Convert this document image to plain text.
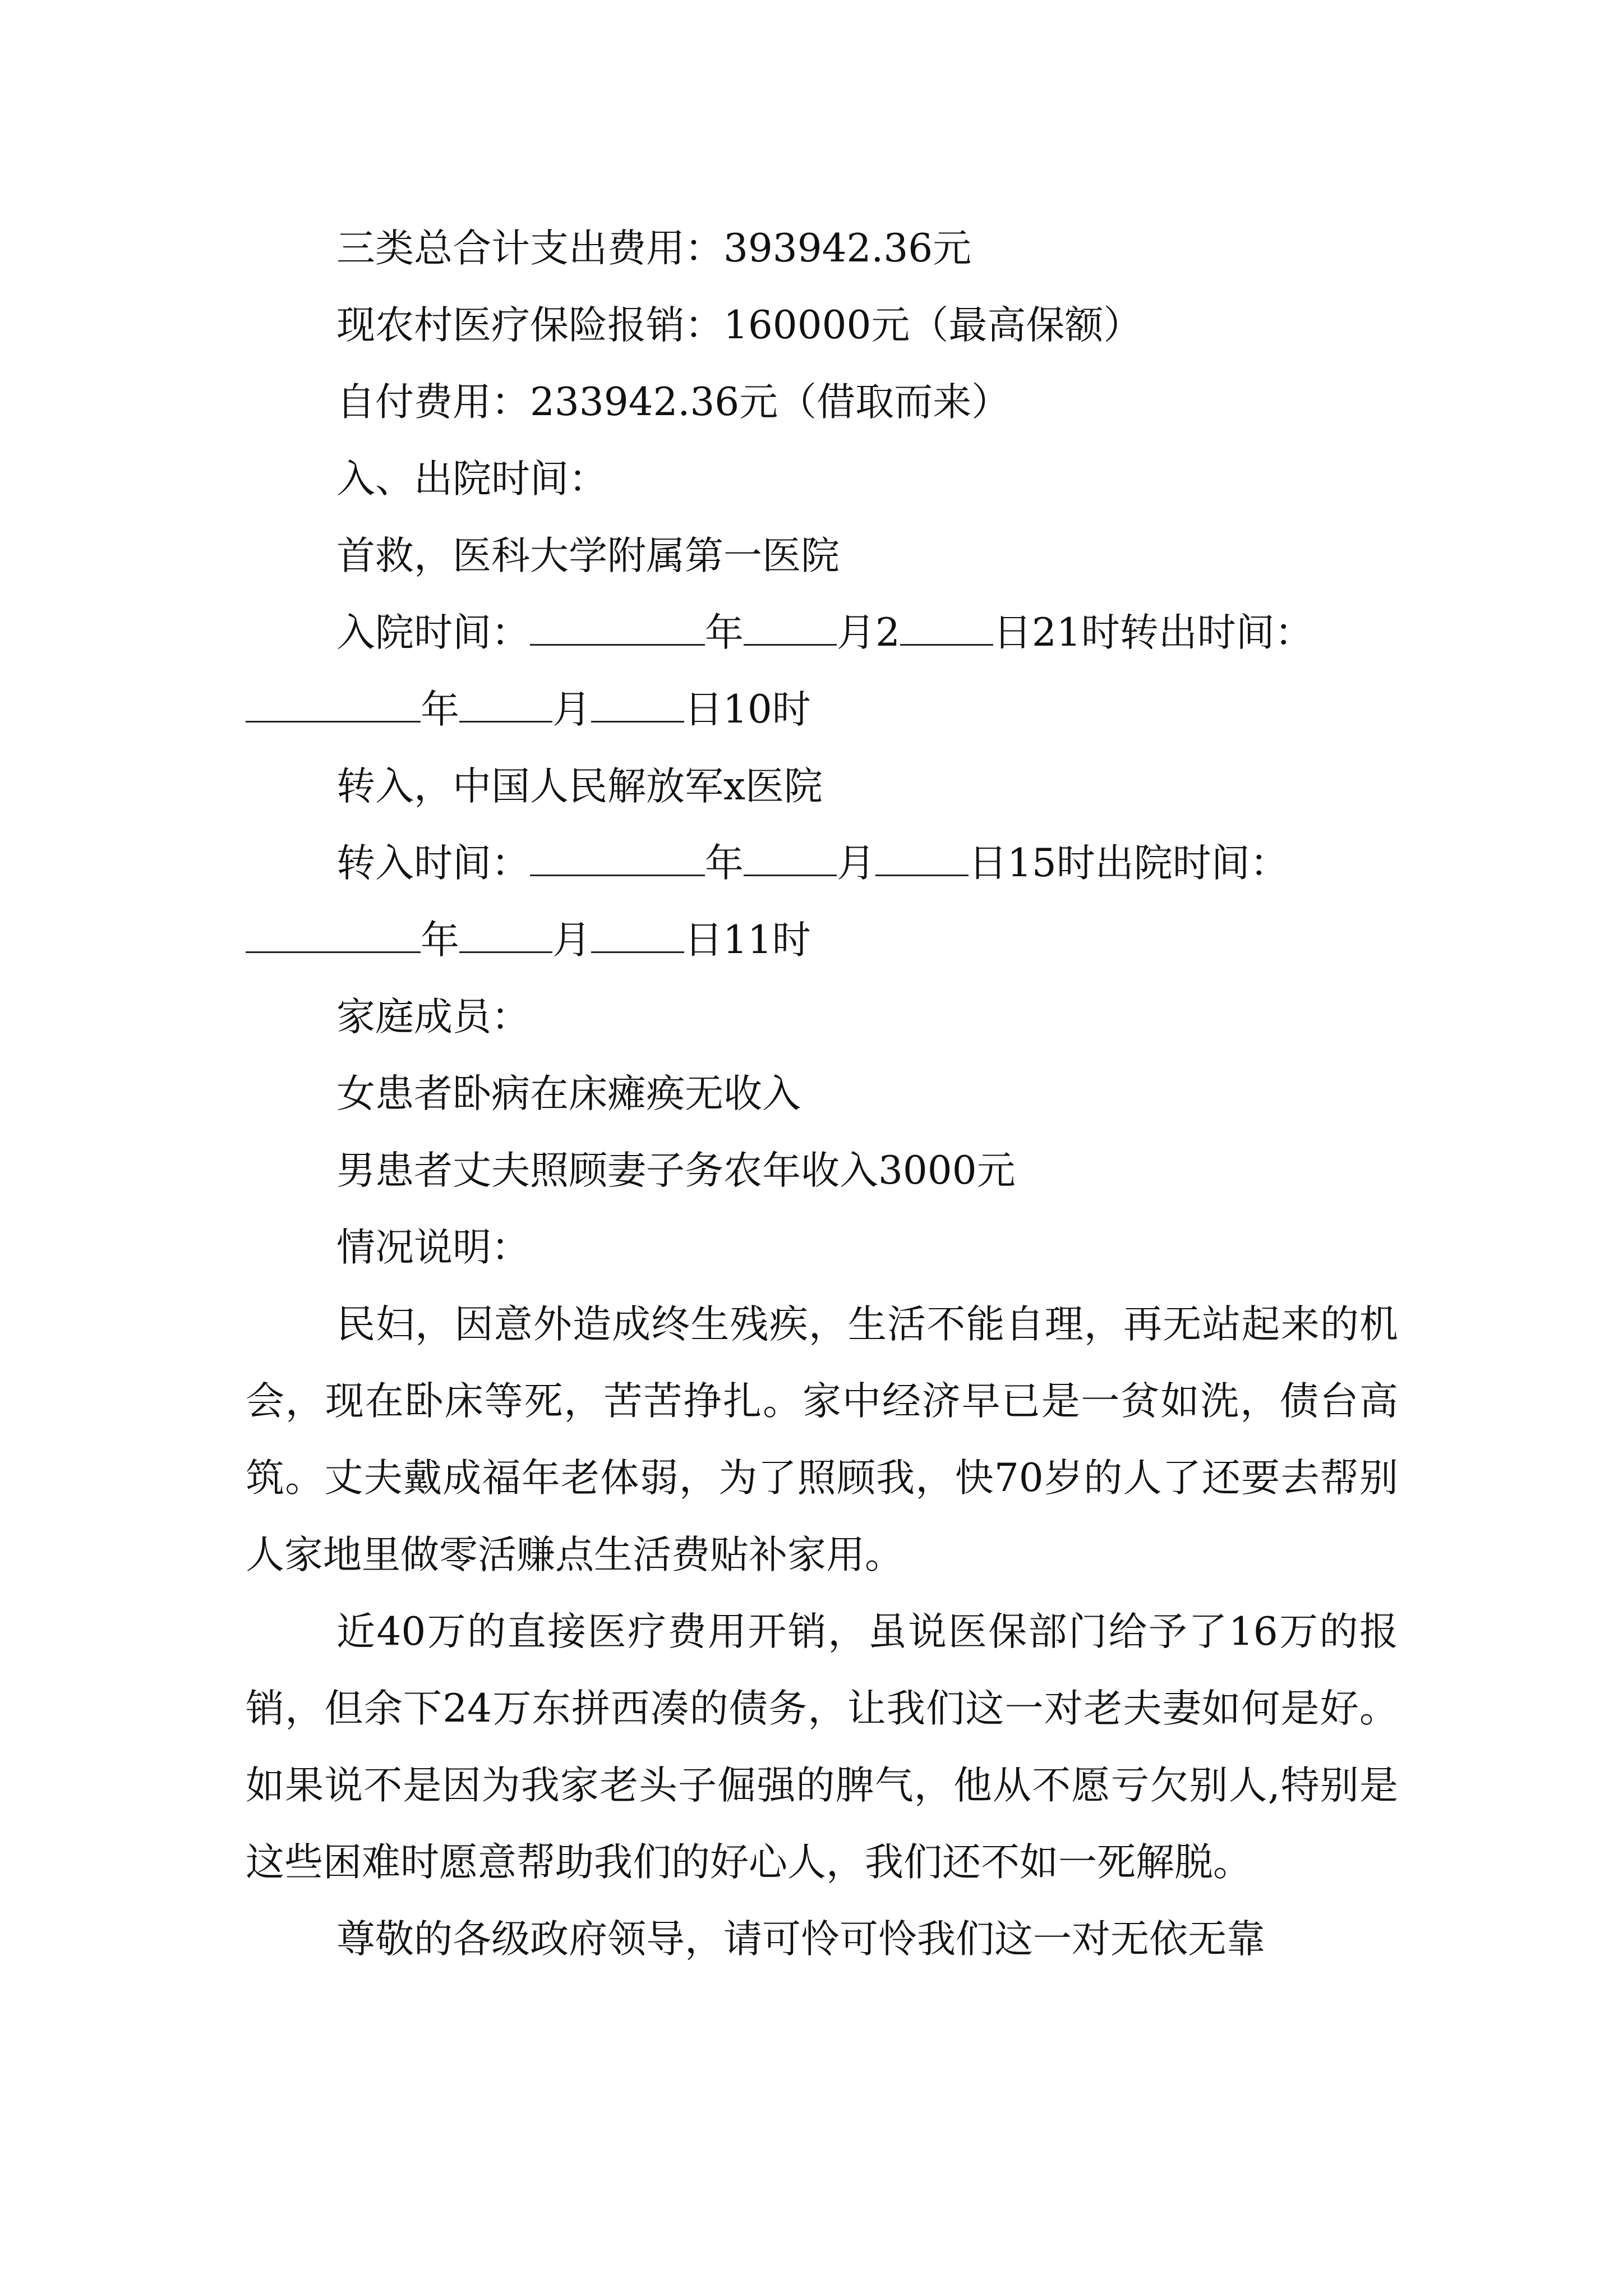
三类总合计支出费用：393942.36元
现农村医疗保险报销：160000元（最高保额）
自付费用：233942.36元（借取而来）
入、出院时间：
首救，医科大学附属第一医院
入院时间：	年 月2 日21时转出时间：
年 月 日10时
转入，中国人民解放军x医院
转入时间：	年 月 日15时出院时间：
年 月 日11时
家庭成员：
女患者卧病在床瘫痪无收入
男患者丈夫照顾妻子务农年收入3000元
情况说明：

民妇，因意外造成终生残疾，生活不能自理，再无站起来的机会，现在卧床等死，苦苦挣扎。家中经济早已是一贫如洗，债台高筑。丈夫戴成福年老体弱，为了照顾我，快70岁的人了还要去帮别人家地里做零活赚点生活费贴补家用。

近40万的直接医疗费用开销，虽说医保部门给予了16万的报销，但余下24万东拼西凑的债务，让我们这一对老夫妻如何是好。如果说不是因为我家老头子倔强的脾气，他从不愿亏欠别人,特别是这些困难时愿意帮助我们的好心人，我们还不如一死解脱。

尊敬的各级政府领导，请可怜可怜我们这一对无依无靠
